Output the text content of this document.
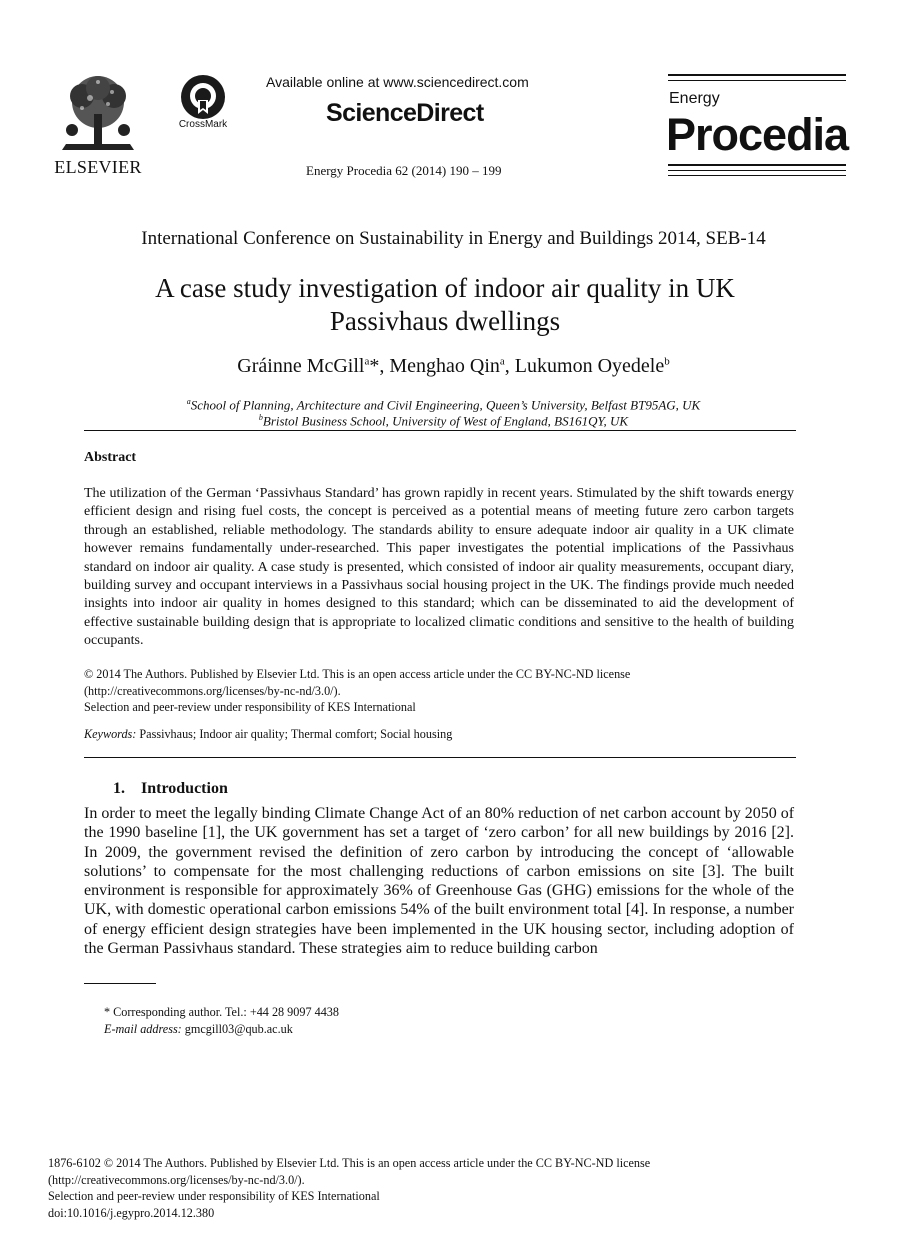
ELSEVIER
CrossMark
Available online at www.sciencedirect.com
ScienceDirect
Energy Procedia 62 (2014) 190 – 199
Energy
Procedia
International Conference on Sustainability in Energy and Buildings 2014, SEB-14
A case study investigation of indoor air quality in UK Passivhaus dwellings
Gráinne McGill$^a$*, Menghao Qin$^a$, Lukumon Oyedele$^b$
$^a$School of Planning, Architecture and Civil Engineering, Queen’s University, Belfast BT95AG, UK
$^b$Bristol Business School, University of West of England, BS161QY, UK
Abstract
The utilization of the German ‘Passivhaus Standard’ has grown rapidly in recent years. Stimulated by the shift towards energy efficient design and rising fuel costs, the concept is perceived as a potential means of meeting future zero carbon targets through an established, reliable methodology. The standards ability to ensure adequate indoor air quality in a UK climate however remains fundamentally under-researched. This paper investigates the potential implications of the Passivhaus standard on indoor air quality. A case study is presented, which consisted of indoor air quality measurements, occupant diary, building survey and occupant interviews in a Passivhaus social housing project in the UK. The findings provide much needed insights into indoor air quality in homes designed to this standard; which can be disseminated to aid the development of effective sustainable building design that is appropriate to localized climatic conditions and sensitive to the health of building occupants.
© 2014 The Authors. Published by Elsevier Ltd. This is an open access article under the CC BY-NC-ND license
(http://creativecommons.org/licenses/by-nc-nd/3.0/).
Selection and peer-review under responsibility of KES International
Keywords: Passivhaus; Indoor air quality; Thermal comfort; Social housing
1. Introduction
In order to meet the legally binding Climate Change Act of an 80% reduction of net carbon account by 2050 of the 1990 baseline [1], the UK government has set a target of ‘zero carbon’ for all new buildings by 2016 [2]. In 2009, the government revised the definition of zero carbon by introducing the concept of ‘allowable solutions’ to compensate for the most challenging reductions of carbon emissions on site [3]. The built environment is responsible for approximately 36% of Greenhouse Gas (GHG) emissions for the whole of the UK, with domestic operational carbon emissions 54% of the built environment total [4]. In response, a number of energy efficient design strategies have been implemented in the UK housing sector, including adoption of the German Passivhaus standard. These strategies aim to reduce building carbon
* Corresponding author. Tel.: +44 28 9097 4438
E-mail address: gmcgill03@qub.ac.uk
1876-6102 © 2014 The Authors. Published by Elsevier Ltd. This is an open access article under the CC BY-NC-ND license
(http://creativecommons.org/licenses/by-nc-nd/3.0/).
Selection and peer-review under responsibility of KES International
doi:10.1016/j.egypro.2014.12.380
